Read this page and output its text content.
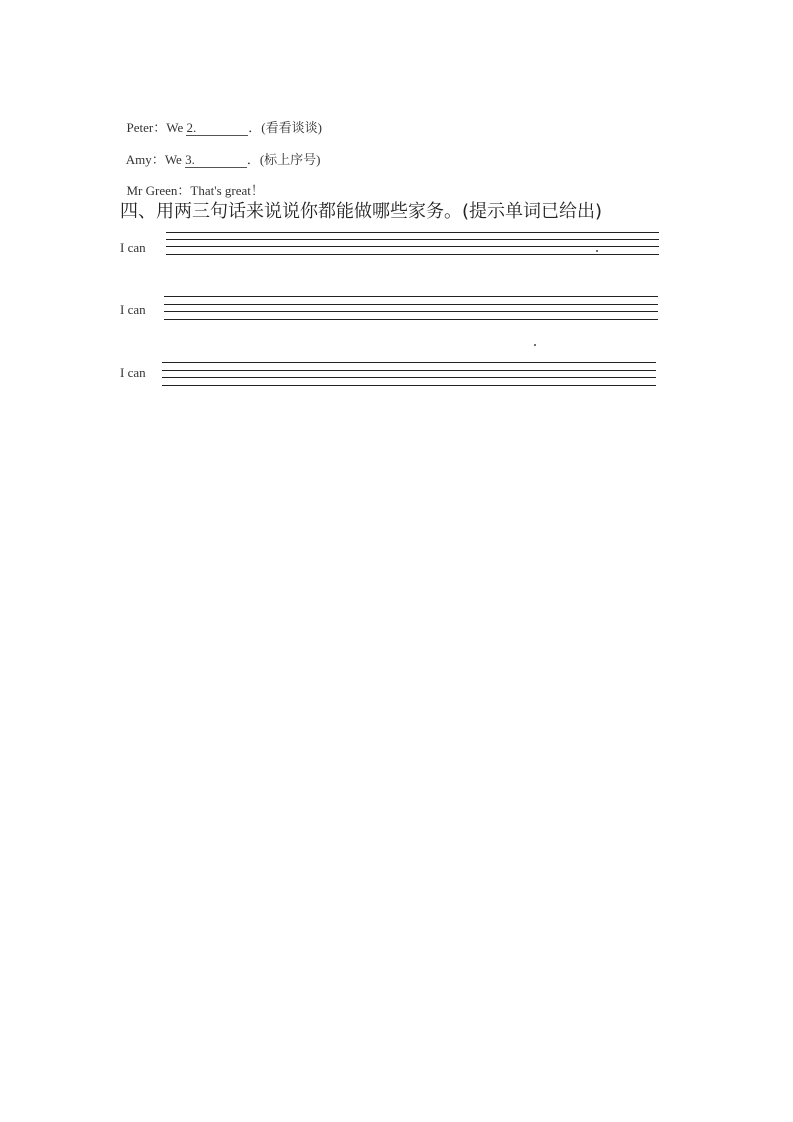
Peter：We 2.________．(看看谈谈)

Amy：We 3.________．(标上序号)

Mr Green：That's great！

四、用两三句话来说说你都能做哪些家务。(提示单词已给出)
I can
I can
I can
